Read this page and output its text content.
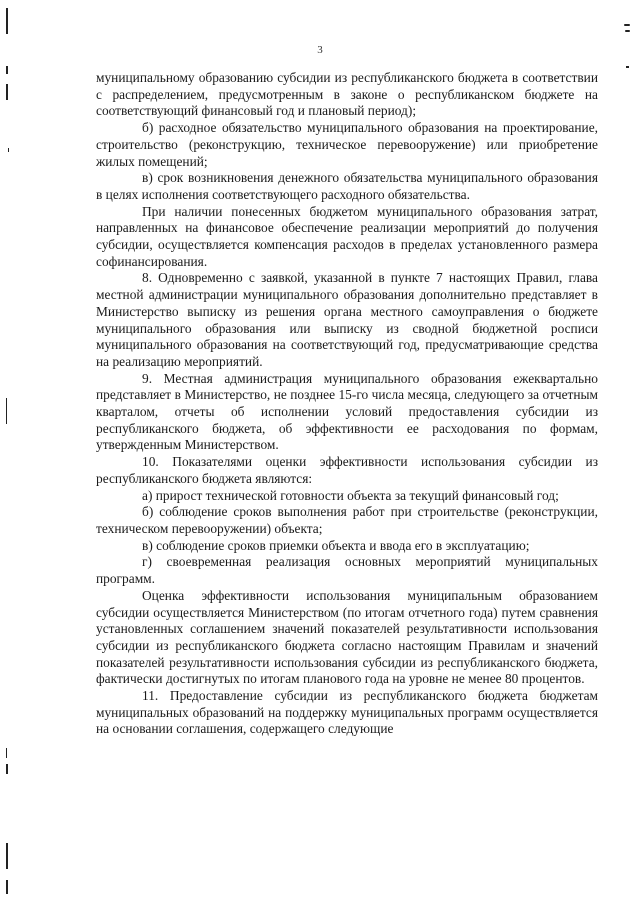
3

муниципальному образованию субсидии из республиканского бюджета в соответствии с распределением, предусмотренным в законе о республиканском бюджете на соответствующий финансовый год и плановый период);

б) расходное обязательство муниципального образования на проектирование, строительство (реконструкцию, техническое перевооружение) или приобретение жилых помещений;

в) срок возникновения денежного обязательства муниципального образования в целях исполнения соответствующего расходного обязательства.

При наличии понесенных бюджетом муниципального образования затрат, направленных на финансовое обеспечение реализации мероприятий до получения субсидии, осуществляется компенсация расходов в пределах установленного размера софинансирования.

8. Одновременно с заявкой, указанной в пункте 7 настоящих Правил, глава местной администрации муниципального образования дополнительно представляет в Министерство выписку из решения органа местного самоуправления о бюджете муниципального образования или выписку из сводной бюджетной росписи муниципального образования на соответствующий год, предусматривающие средства на реализацию мероприятий.

9. Местная администрация муниципального образования ежеквартально представляет в Министерство, не позднее 15-го числа месяца, следующего за отчетным кварталом, отчеты об исполнении условий предоставления субсидии из республиканского бюджета, об эффективности ее расходования по формам, утвержденным Министерством.

10. Показателями оценки эффективности использования субсидии из республиканского бюджета являются:

а) прирост технической готовности объекта за текущий финансовый год;

б) соблюдение сроков выполнения работ при строительстве (реконструкции, техническом перевооружении) объекта;

в) соблюдение сроков приемки объекта и ввода его в эксплуатацию;

г) своевременная реализация основных мероприятий муниципальных программ.

Оценка эффективности использования муниципальным образованием субсидии осуществляется Министерством (по итогам отчетного года) путем сравнения установленных соглашением значений показателей результативности использования субсидии из республиканского бюджета согласно настоящим Правилам и значений показателей результативности использования субсидии из республиканского бюджета, фактически достигнутых по итогам планового года на уровне не менее 80 процентов.

11. Предоставление субсидии из республиканского бюджета бюджетам муниципальных образований на поддержку муниципальных программ осуществляется на основании соглашения, содержащего следующие
